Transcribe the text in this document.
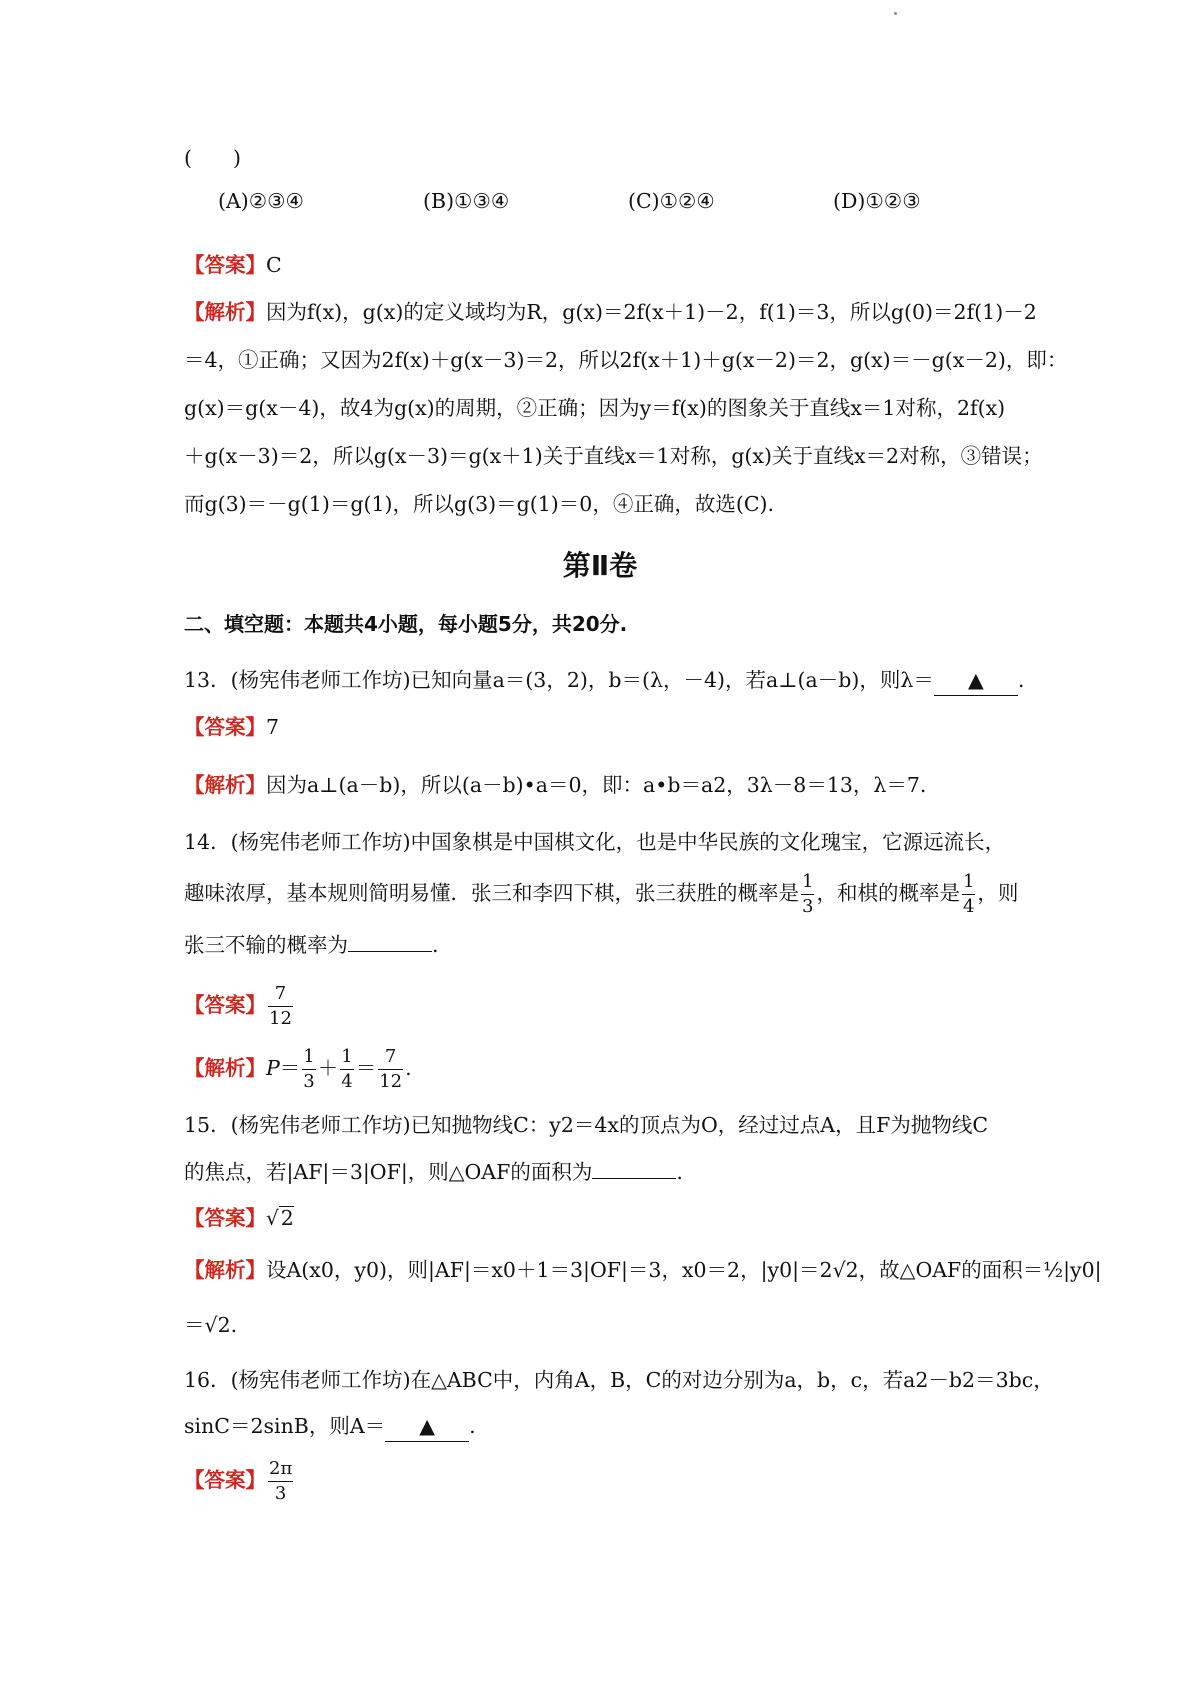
(　　)
(A)②③④	(B)①③④	(C)①②④	(D)①②③
【答案】C
【解析】因为f(x)，g(x)的定义域均为R，g(x)＝2f(x＋1)－2，f(1)＝3，所以g(0)＝2f(1)－2
＝4，①正确；又因为2f(x)＋g(x－3)＝2，所以2f(x＋1)＋g(x－2)＝2，g(x)＝－g(x－2)，即：
g(x)＝g(x－4)，故4为g(x)的周期，②正确；因为y＝f(x)的图象关于直线x＝1对称，2f(x)
＋g(x－3)＝2，所以g(x－3)＝g(x＋1)关于直线x＝1对称，g(x)关于直线x＝2对称，③错误；
而g(3)＝－g(1)＝g(1)，所以g(3)＝g(1)＝0，④正确，故选(C).
第Ⅱ卷
二、填空题：本题共4小题，每小题5分，共20分.
13．(杨宪伟老师工作坊)已知向量a＝(3，2)，b＝(λ，－4)，若a⊥(a－b)，则λ＝ ▲ .
【答案】7
【解析】因为a⊥(a－b)，所以(a－b)•a＝0，即：a•b＝a2，3λ－8＝13，λ＝7.
14．(杨宪伟老师工作坊)中国象棋是中国棋文化，也是中华民族的文化瑰宝，它源远流长，
趣味浓厚，基本规则简明易懂．张三和李四下棋，张三获胜的概率是 $\frac{1}{3}$ ，和棋的概率是 $\frac{1}{4}$ ，则
张三不输的概率为	.
【答案】 $\frac{7}{12}$
【解析】$P= \frac{1}{3} + \frac{1}{4} = \frac{7}{12}$ .
15．(杨宪伟老师工作坊)已知抛物线C：y2＝4x的顶点为O，经过过点A，且F为抛物线C
的焦点，若|AF|＝3|OF|，则△OAF的面积为	.
【答案】√2
【解析】设A(x0，y0)，则|AF|＝x0＋1＝3|OF|＝3，x0＝2，|y0|＝2√2，故△OAF的面积＝½|y0|
＝√2.
16．(杨宪伟老师工作坊)在△ABC中，内角A，B，C的对边分别为a，b，c，若a2－b2＝3bc，
sinC＝2sinB，则A＝ ▲ .
【答案】 $\frac{2\pi}{3}$
